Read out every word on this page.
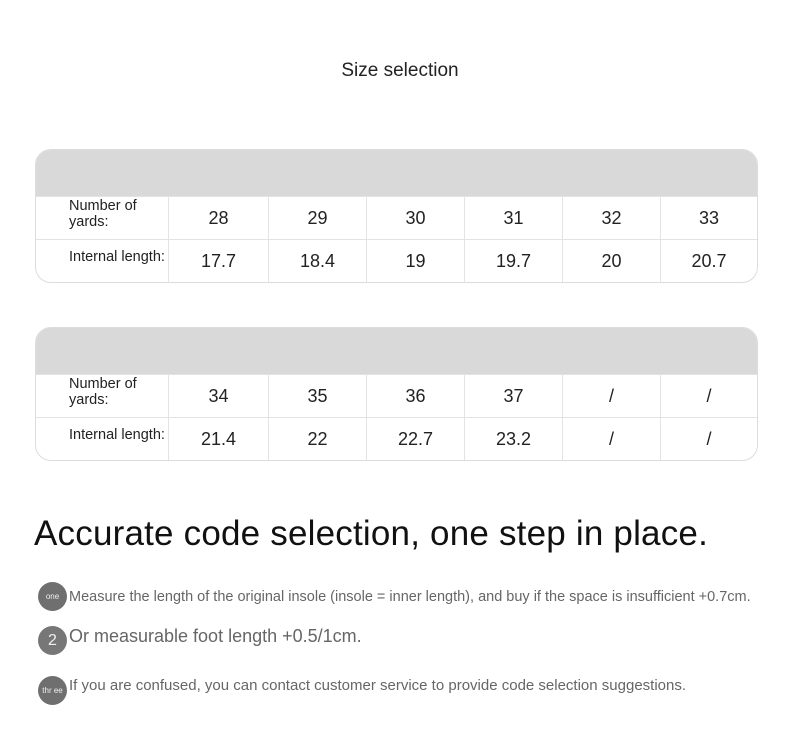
Size selection
Number of yards:	28	29	30	31	32	33
Internal length:	17.7	18.4	19	19.7	20	20.7
Number of yards:	34	35	36	37	/	/
Internal length:	21.4	22	22.7	23.2	/	/
Accurate code selection, one step in place.
one Measure the length of the original insole (insole = inner length), and buy if the space is insufficient +0.7cm.
2 Or measurable foot length +0.5/1cm.
thr ee If you are confused, you can contact customer service to provide code selection suggestions.
